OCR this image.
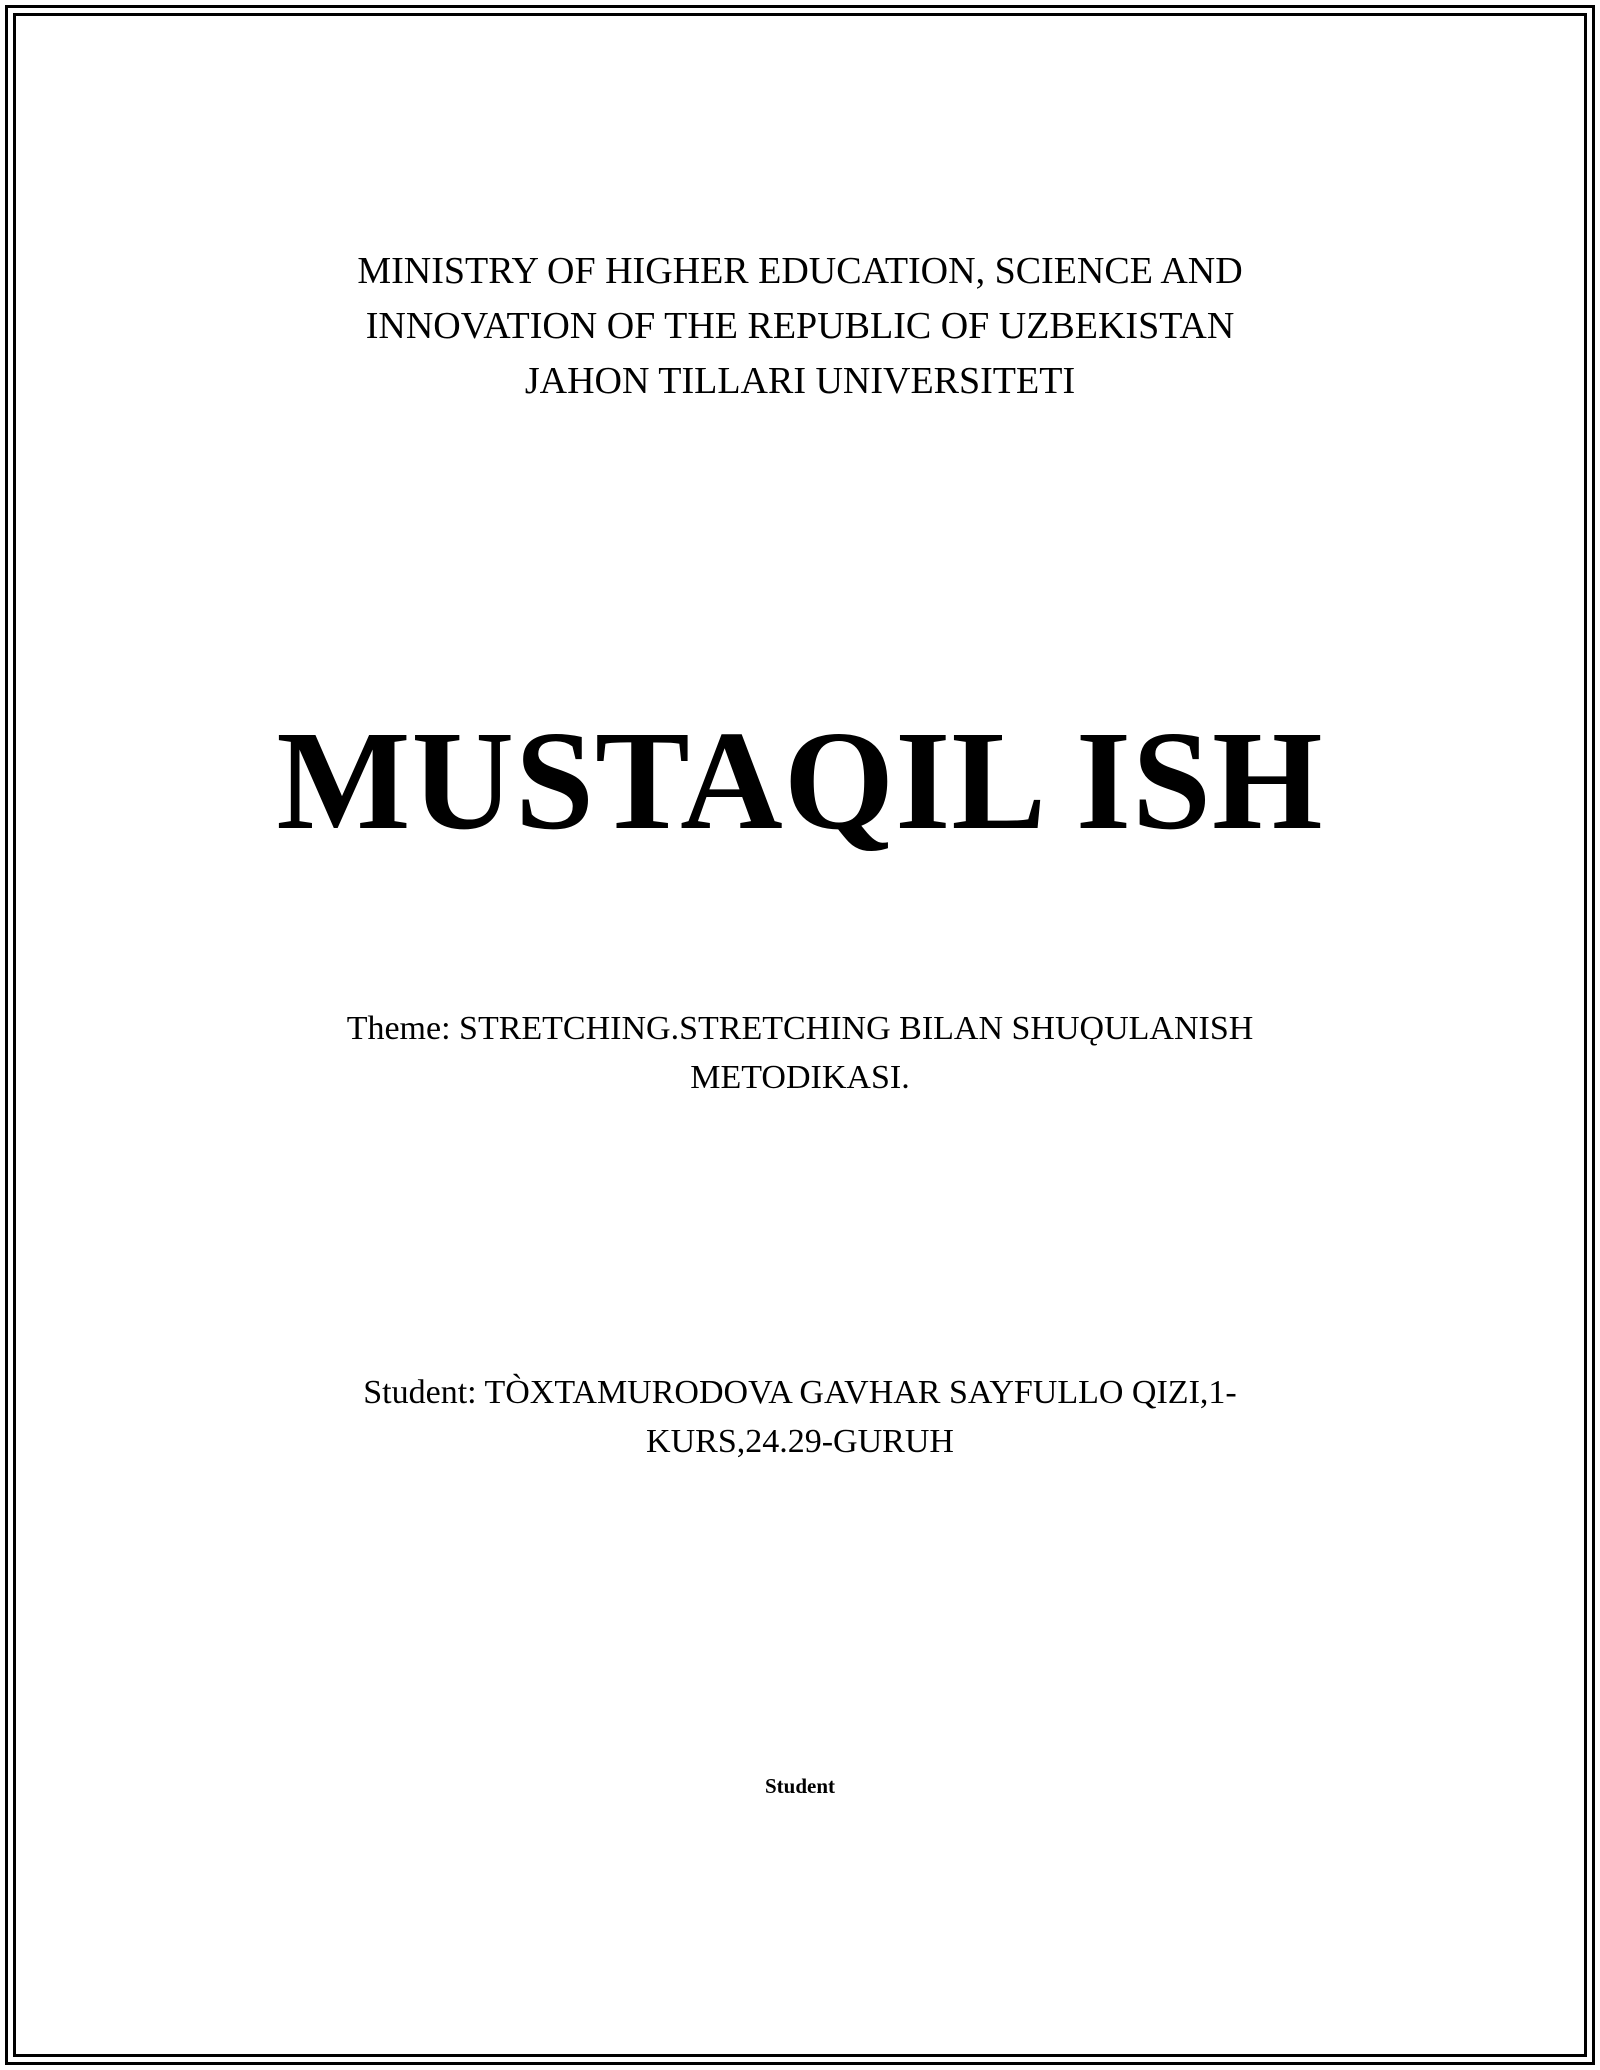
MINISTRY OF HIGHER EDUCATION, SCIENCE AND
INNOVATION OF THE REPUBLIC OF UZBEKISTAN
JAHON TILLARI UNIVERSITETI
MUSTAQIL ISH
Theme: STRETCHING.STRETCHING BILAN SHUǪULANISH METODIKASI.
Student: TÒXTAMURODOVA GAVHAR SAYFULLO QIZI,1-KURS,24.29-GURUH
Student
